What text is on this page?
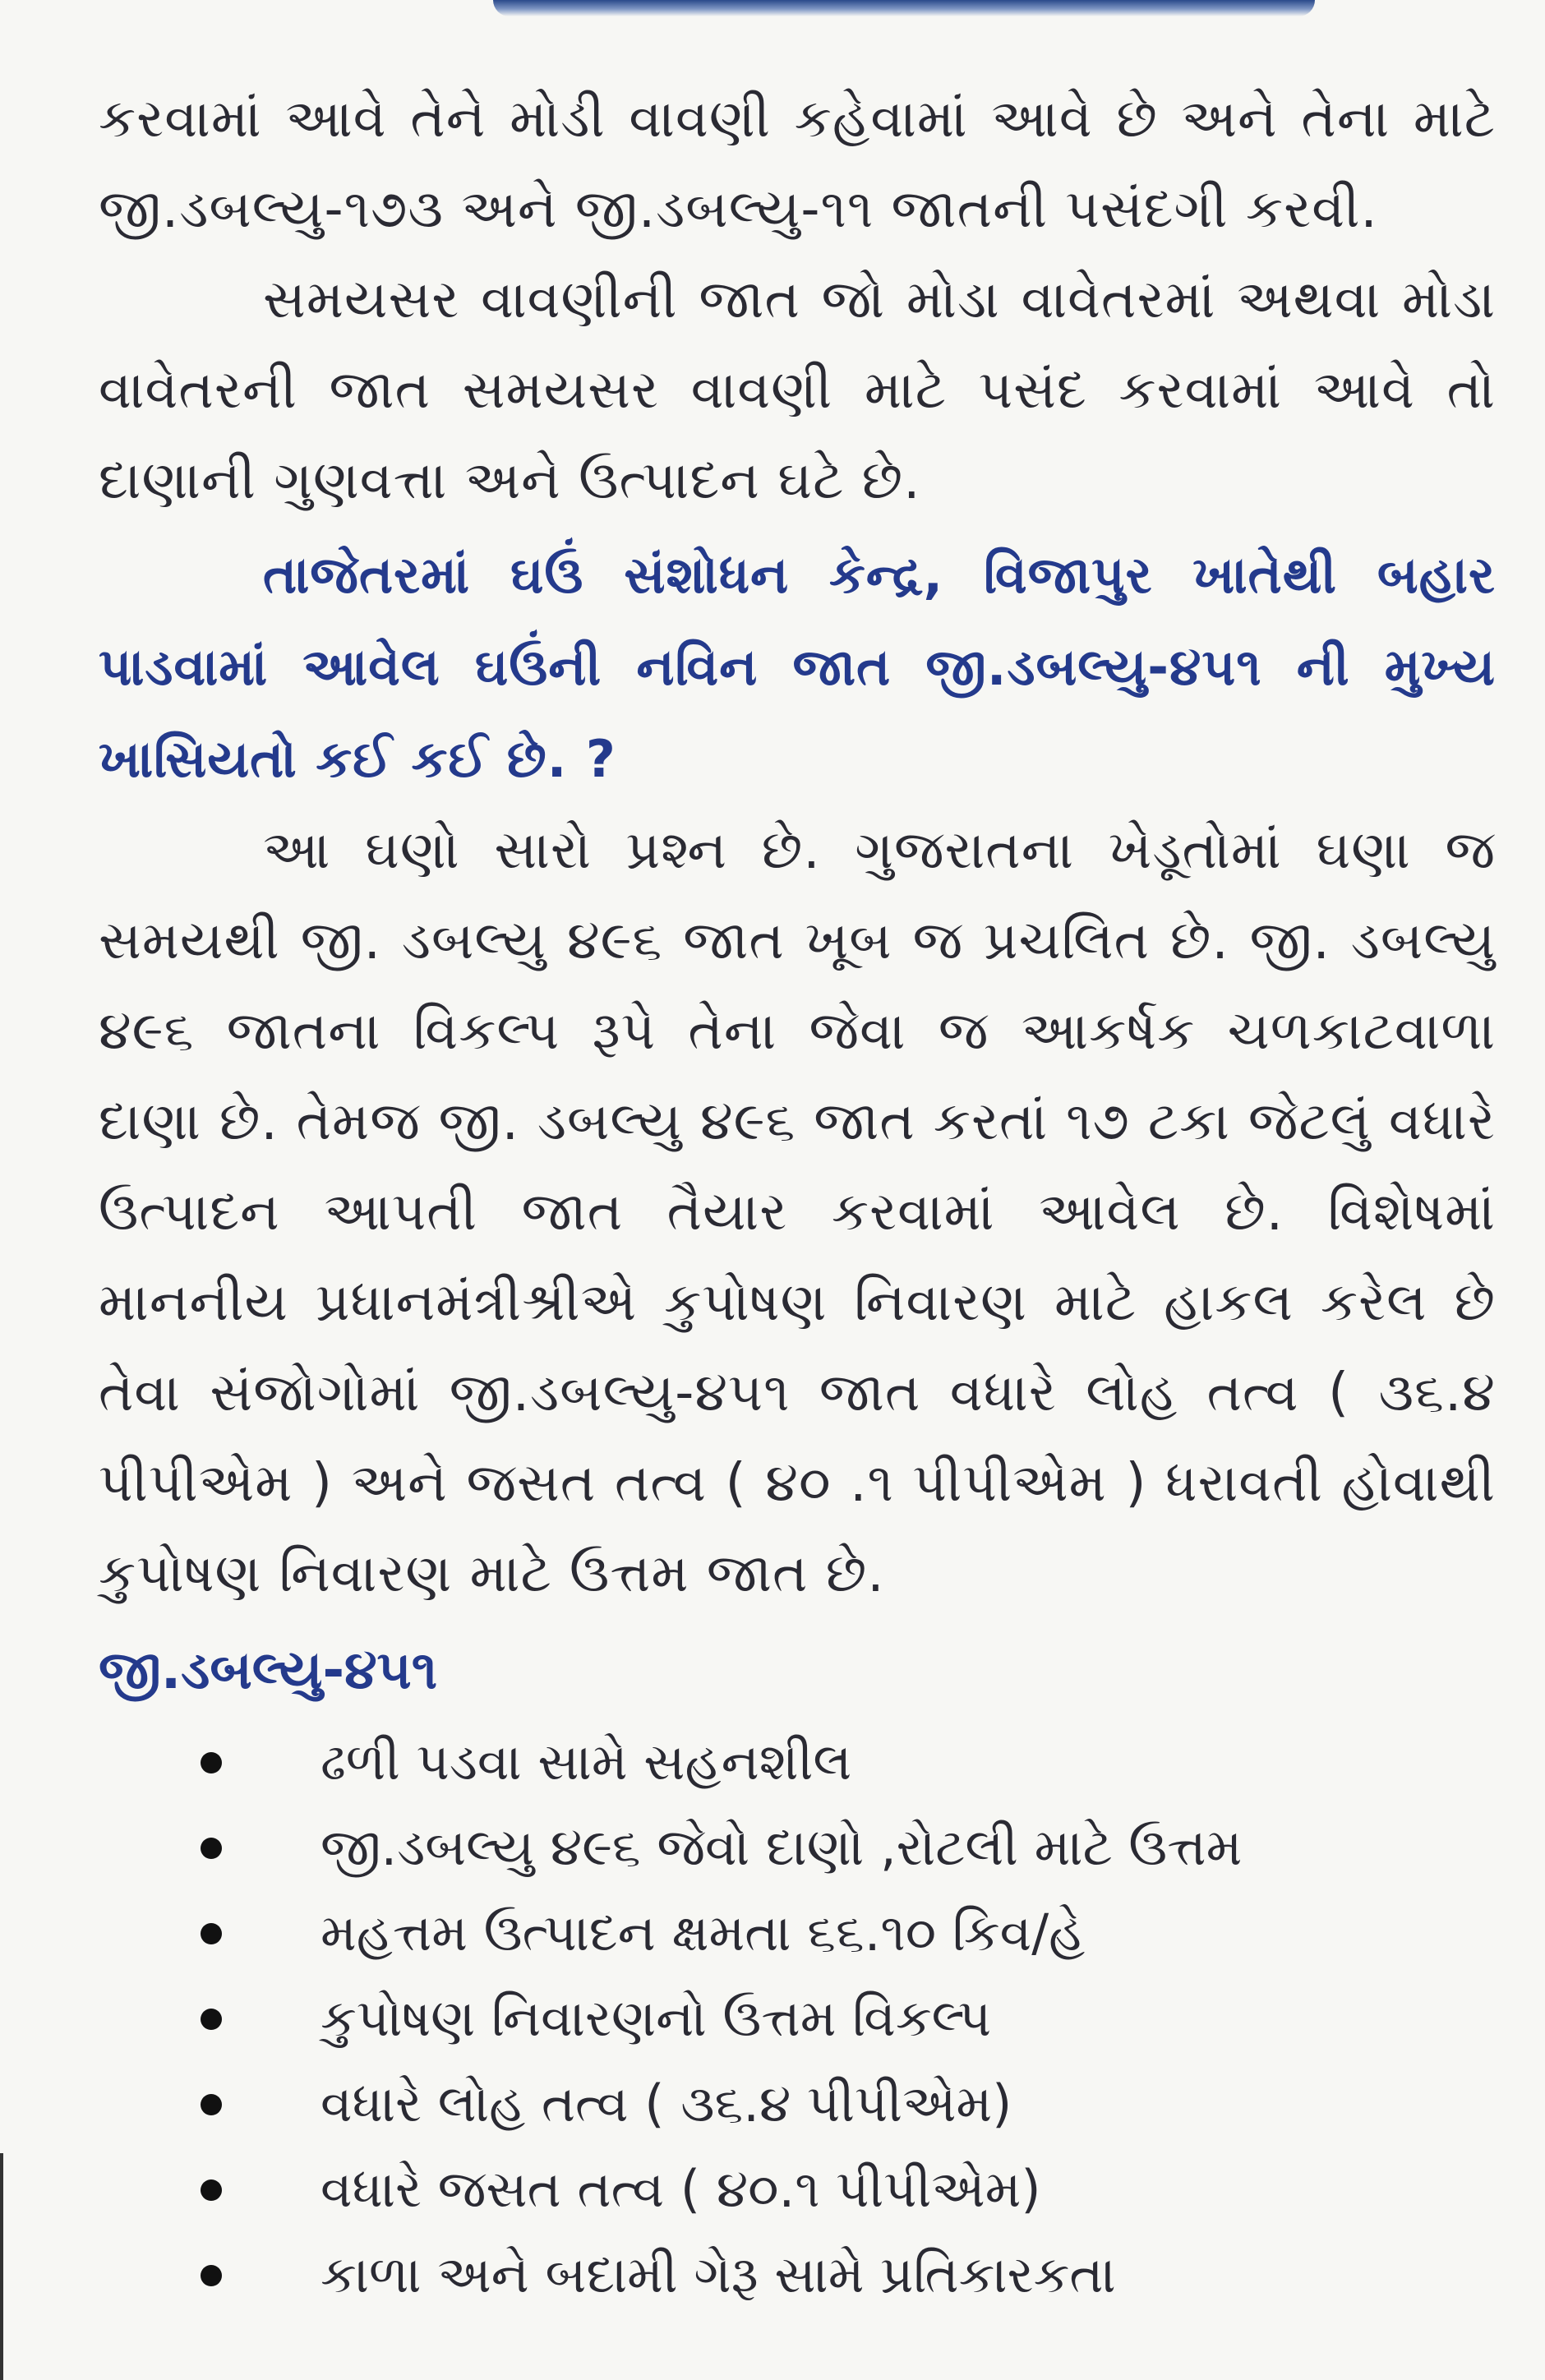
કરવામાં આવે તેને મોડી વાવણી કહેવામાં આવે છે અને તેના માટે જી.ડબલ્યુ-૧૭૩ અને જી.ડબલ્યુ-૧૧ જાતની પસંદગી કરવી.

સમયસર વાવણીની જાત જો મોડા વાવેતરમાં અથવા મોડા વાવેતરની જાત સમયસર વાવણી માટે પસંદ કરવામાં આવે તો દાણાની ગુણવત્તા અને ઉત્પાદન ઘટે છે.

તાજેતરમાં ઘઉં સંશોધન કેન્દ્ર, વિજાપુર ખાતેથી બહાર પાડવામાં આવેલ ઘઉંની નવિન જાત જી.ડબલ્યુ-૪૫૧ ની મુખ્ય ખાસિયતો કઈ કઈ છે. ?

આ ઘણો સારો પ્રશ્ન છે. ગુજરાતના ખેડૂતોમાં ઘણા જ સમયથી જી. ડબલ્યુ ૪૯૬ જાત ખૂબ જ પ્રચલિત છે. જી. ડબલ્યુ ૪૯૬ જાતના વિકલ્પ રૂપે તેના જેવા જ આકર્ષક ચળકાટવાળા દાણા છે. તેમજ જી. ડબલ્યુ ૪૯૬ જાત કરતાં ૧૭ ટકા જેટલું વધારે ઉત્પાદન આપતી જાત તૈયાર કરવામાં આવેલ છે. વિશેષમાં માનનીય પ્રધાનમંત્રીશ્રીએ કુપોષણ નિવારણ માટે હાકલ કરેલ છે તેવા સંજોગોમાં જી.ડબલ્યુ-૪૫૧ જાત વધારે લોહ તત્વ ( ૩૬.૪ પીપીએમ ) અને જસત તત્વ ( ૪૦ .૧ પીપીએમ ) ધરાવતી હોવાથી કુપોષણ નિવારણ માટે ઉત્તમ જાત છે.

જી.ડબલ્યુ-૪૫૧
ઢળી પડવા સામે સહનશીલ
જી.ડબલ્યુ ૪૯૬ જેવો દાણો ,રોટલી માટે ઉત્તમ
મહત્તમ ઉત્પાદન ક્ષમતા ૬૬.૧૦ કિવ/હે
કુપોષણ નિવારણનો ઉત્તમ વિકલ્પ
વધારે લોહ તત્વ ( ૩૬.૪ પીપીએમ)
વધારે જસત તત્વ ( ૪૦.૧ પીપીએમ)
કાળા અને બદામી ગેરૂ સામે પ્રતિકારકતા
